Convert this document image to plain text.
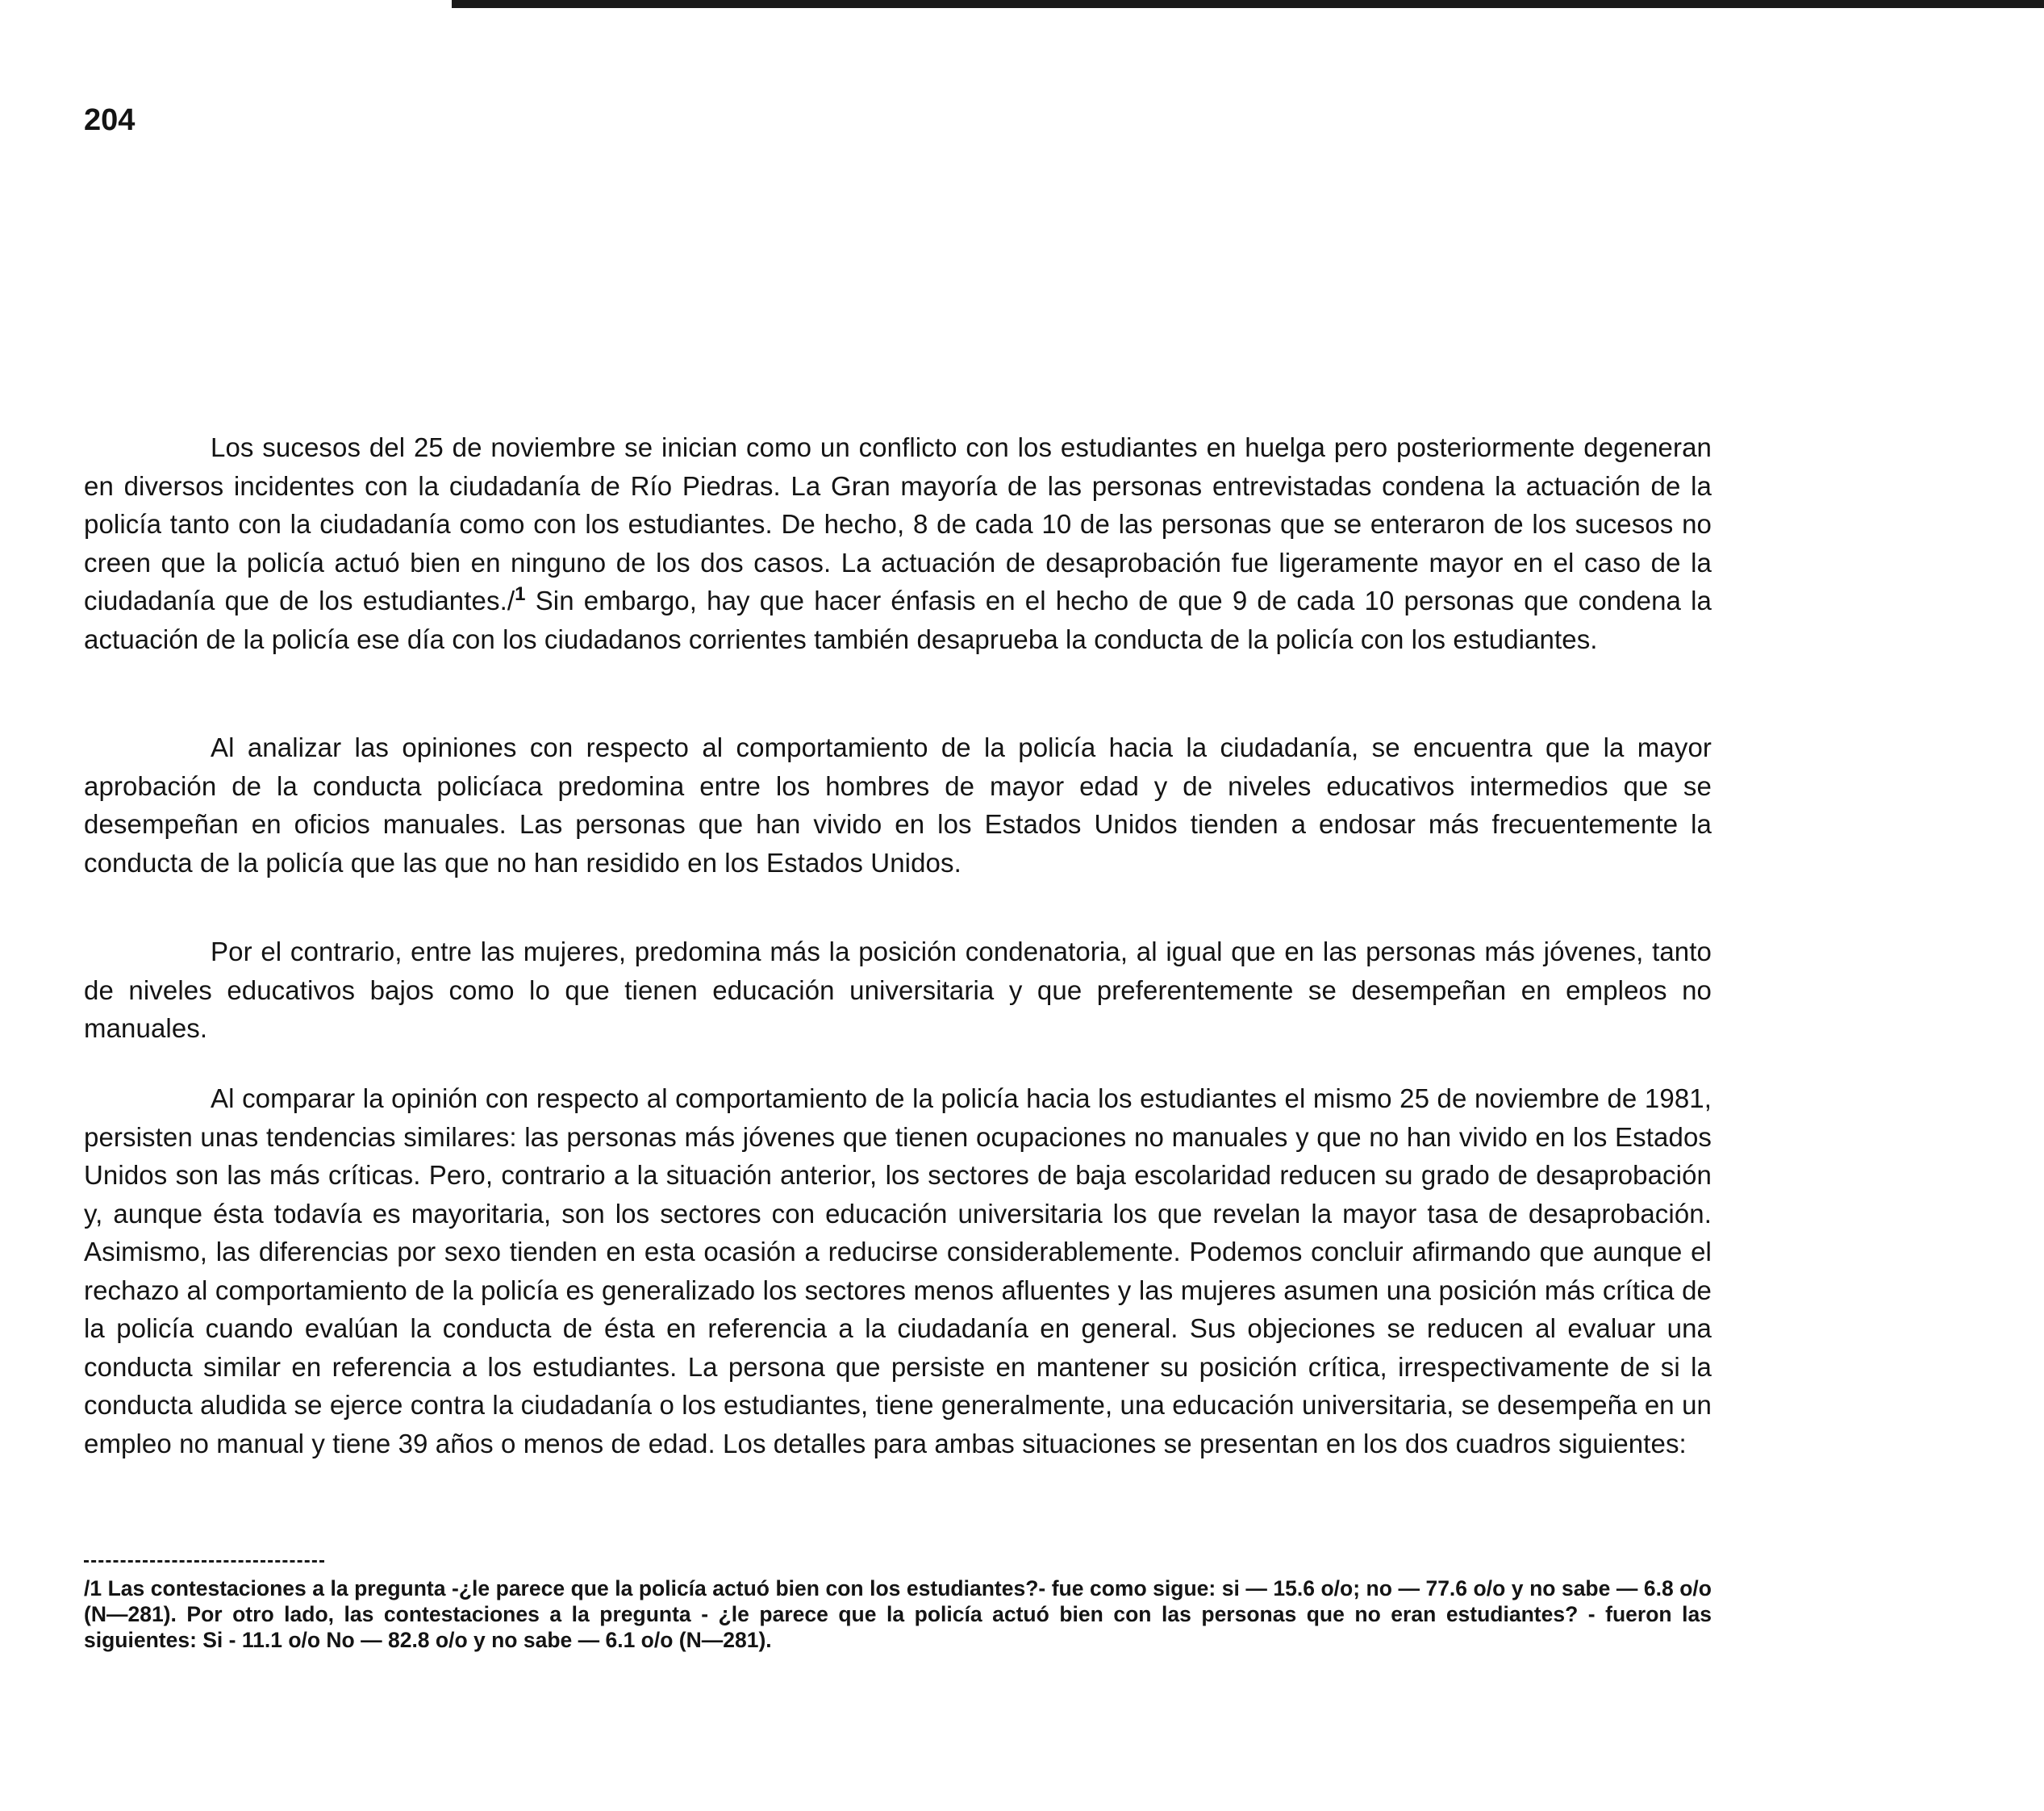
204

Los sucesos del 25 de noviembre se inician como un conflicto con los estudiantes en huelga pero posteriormente degeneran en diversos incidentes con la ciudadanía de Río Piedras. La Gran mayoría de las personas entrevistadas condena la actuación de la policía tanto con la ciudadanía como con los estudiantes. De hecho, 8 de cada 10 de las personas que se enteraron de los sucesos no creen que la policía actuó bien en ninguno de los dos casos. La actuación de desaprobación fue ligeramente mayor en el caso de la ciudadanía que de los estudiantes./$^1$ Sin embargo, hay que hacer énfasis en el hecho de que 9 de cada 10 personas que condena la actuación de la policía ese día con los ciudadanos corrientes también desaprueba la conducta de la policía con los estudiantes.

Al analizar las opiniones con respecto al comportamiento de la policía hacia la ciudadanía, se encuentra que la mayor aprobación de la conducta policíaca predomina entre los hombres de mayor edad y de niveles educativos intermedios que se desempeñan en oficios manuales. Las personas que han vivido en los Estados Unidos tienden a endosar más frecuentemente la conducta de la policía que las que no han residido en los Estados Unidos.

Por el contrario, entre las mujeres, predomina más la posición condenatoria, al igual que en las personas más jóvenes, tanto de niveles educativos bajos como lo que tienen educación universitaria y que preferentemente se desempeñan en empleos no manuales.

Al comparar la opinión con respecto al comportamiento de la policía hacia los estudiantes el mismo 25 de noviembre de 1981, persisten unas tendencias similares: las personas más jóvenes que tienen ocupaciones no manuales y que no han vivido en los Estados Unidos son las más críticas. Pero, contrario a la situación anterior, los sectores de baja escolaridad reducen su grado de desaprobación y, aunque ésta todavía es mayoritaria, son los sectores con educación universitaria los que revelan la mayor tasa de desaprobación. Asimismo, las diferencias por sexo tienden en esta ocasión a reducirse considerablemente. Podemos concluir afirmando que aunque el rechazo al comportamiento de la policía es generalizado los sectores menos afluentes y las mujeres asumen una posición más crítica de la policía cuando evalúan la conducta de ésta en referencia a la ciudadanía en general. Sus objeciones se reducen al evaluar una conducta similar en referencia a los estudiantes. La persona que persiste en mantener su posición crítica, irrespectivamente de si la conducta aludida se ejerce contra la ciudadanía o los estudiantes, tiene generalmente, una educación universitaria, se desempeña en un empleo no manual y tiene 39 años o menos de edad. Los detalles para ambas situaciones se presentan en los dos cuadros siguientes:

/1 Las contestaciones a la pregunta -¿le parece que la policía actuó bien con los estudiantes?- fue como sigue: si — 15.6 o/o; no — 77.6 o/o y no sabe — 6.8 o/o (N—281). Por otro lado, las contestaciones a la pregunta - ¿le parece que la policía actuó bien con las personas que no eran estudiantes? - fueron las siguientes: Si - 11.1 o/o No — 82.8 o/o y no sabe — 6.1 o/o (N—281).
